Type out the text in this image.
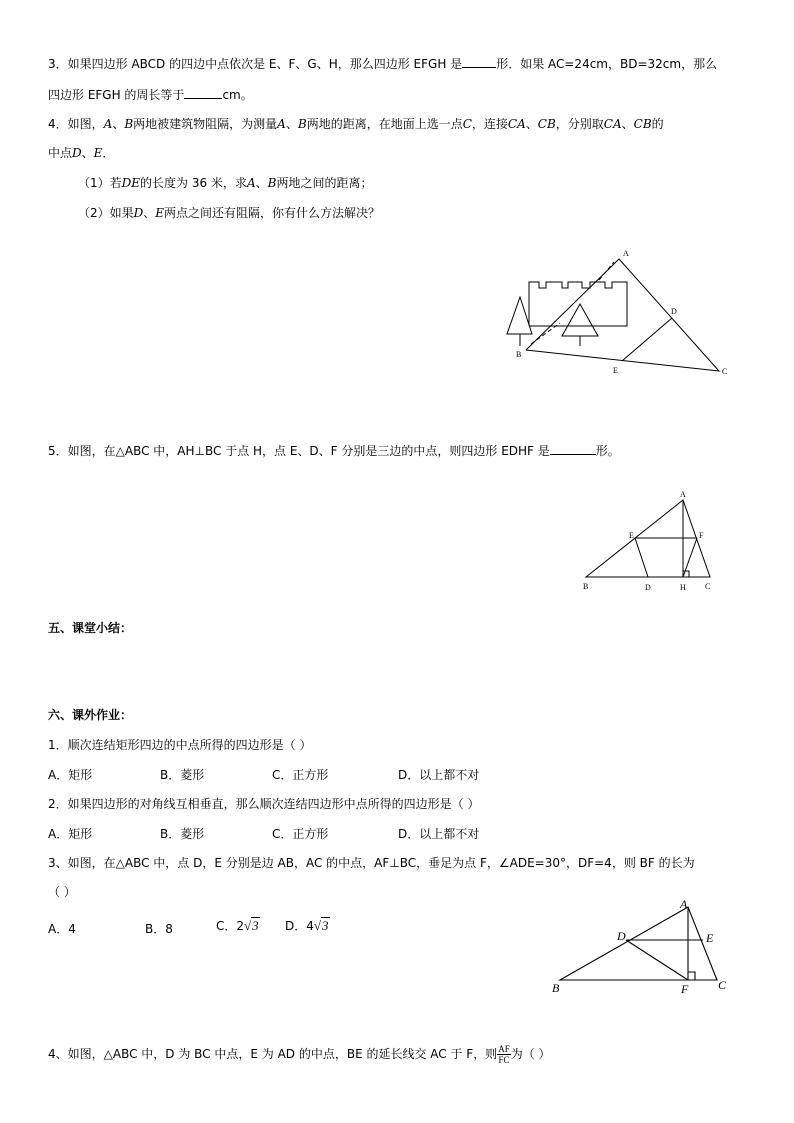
3．如果四边形 ABCD 的四边中点依次是 E、F、G、H，那么四边形 EFGH 是	形．如果 AC=24cm，BD=32cm，那么
四边形 EFGH 的周长等于	cm。
4．如图，A、B两地被建筑物阻隔，为测量A、B两地的距离，在地面上选一点C，连接CA、CB，分别取CA、CB的
中点D、E．
（1）若DE的长度为 36 米，求A、B两地之间的距离；
（2）如果D、E两点之间还有阻隔，你有什么方法解决？
A
B
C
D
E
5．如图，在△ABC 中，AH⊥BC 于点 H，点 E、D、F 分别是三边的中点，则四边形 EDHF 是	形。
A
B	C
D
E	F
H
五、课堂小结：
六、课外作业：
1．顺次连结矩形四边的中点所得的四边形是（ ）
A．矩形	B．菱形	C．正方形	D．以上都不对
2．如果四边形的对角线互相垂直，那么顺次连结四边形中点所得的四边形是（ ）
A．矩形	B．菱形	C．正方形	D．以上都不对
3、如图，在△ABC 中，点 D，E 分别是边 AB，AC 的中点，AF⊥BC，垂足为点 F，∠ADE=30°，DF=4，则 BF 的长为
（ ）
A．4	B．8	C．2√3 D．4√3
A
B	C
D	E
F
4、如图，△ABC 中，D 为 BC 中点，E 为 AD 的中点，BE 的延长线交 AC 于 F，则 $\frac{AF}{FC}$ 为（ ）
